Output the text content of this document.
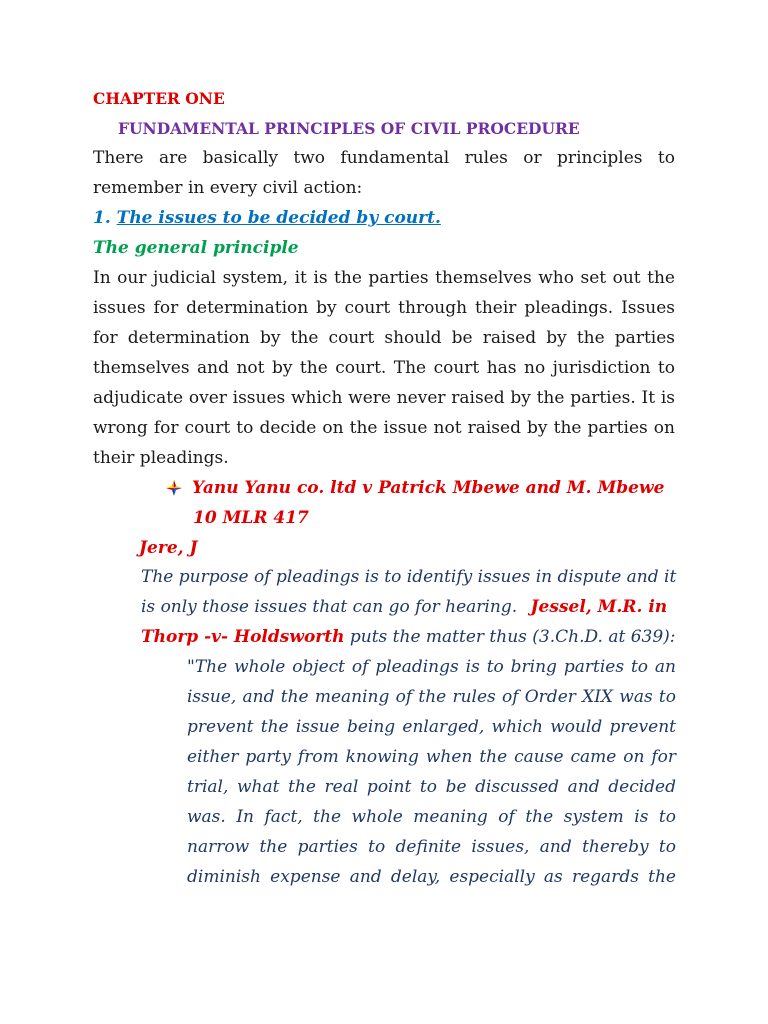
CHAPTER ONE
FUNDAMENTAL PRINCIPLES OF CIVIL PROCEDURE
There are basically two fundamental rules or principles to
remember in every civil action:
1. The issues to be decided by court.
The general principle
In our judicial system, it is the parties themselves who set out the
issues for determination by court through their pleadings. Issues
for determination by the court should be raised by the parties
themselves and not by the court. The court has no jurisdiction to
adjudicate over issues which were never raised by the parties. It is
wrong for court to decide on the issue not raised by the parties on
their pleadings.
Yanu Yanu co. ltd v Patrick Mbewe and M. Mbewe
10 MLR 417
Jere, J
The purpose of pleadings is to identify issues in dispute and it
is only those issues that can go for hearing. Jessel, M.R. in
Thorp -v- Holdsworth puts the matter thus (3.Ch.D. at 639):
"The whole object of pleadings is to bring parties to an
issue, and the meaning of the rules of Order XIX was to
prevent the issue being enlarged, which would prevent
either party from knowing when the cause came on for
trial, what the real point to be discussed and decided
was. In fact, the whole meaning of the system is to
narrow the parties to definite issues, and thereby to
diminish expense and delay, especially as regards the
